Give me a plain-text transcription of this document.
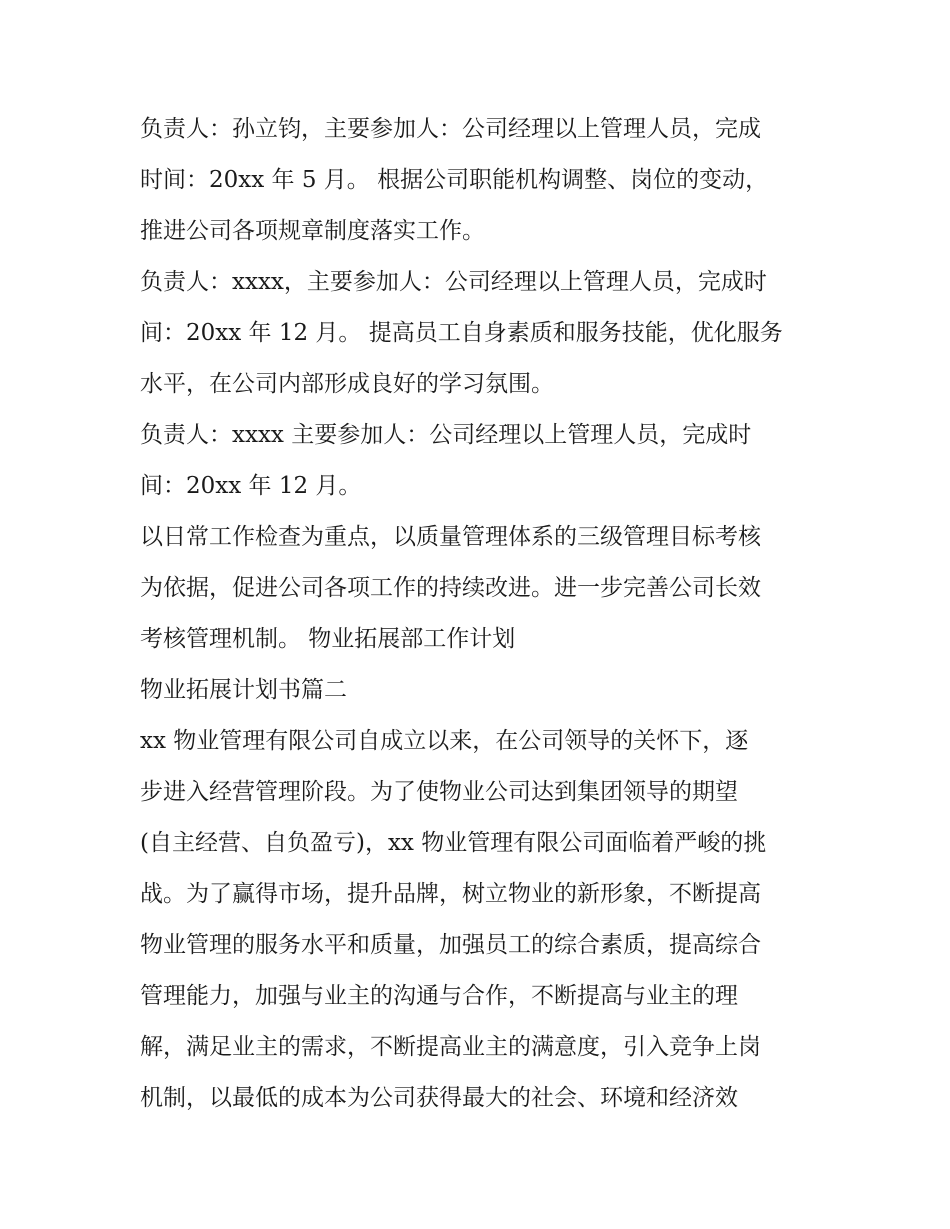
负责人：孙立钧，主要参加人：公司经理以上管理人员，完成
时间：20xx 年 5 月。 根据公司职能机构调整、岗位的变动，
推进公司各项规章制度落实工作。
负责人：xxxx，主要参加人：公司经理以上管理人员，完成时
间：20xx 年 12 月。 提高员工自身素质和服务技能，优化服务
水平，在公司内部形成良好的学习氛围。
负责人：xxxx 主要参加人：公司经理以上管理人员，完成时
间：20xx 年 12 月。
以日常工作检查为重点，以质量管理体系的三级管理目标考核
为依据，促进公司各项工作的持续改进。进一步完善公司长效
考核管理机制。 物业拓展部工作计划
物业拓展计划书篇二
xx 物业管理有限公司自成立以来，在公司领导的关怀下，逐
步进入经营管理阶段。为了使物业公司达到集团领导的期望
(自主经营、自负盈亏)，xx 物业管理有限公司面临着严峻的挑
战。为了赢得市场，提升品牌，树立物业的新形象，不断提高
物业管理的服务水平和质量，加强员工的综合素质，提高综合
管理能力，加强与业主的沟通与合作，不断提高与业主的理
解，满足业主的需求，不断提高业主的满意度，引入竞争上岗
机制，以最低的成本为公司获得最大的社会、环境和经济效
